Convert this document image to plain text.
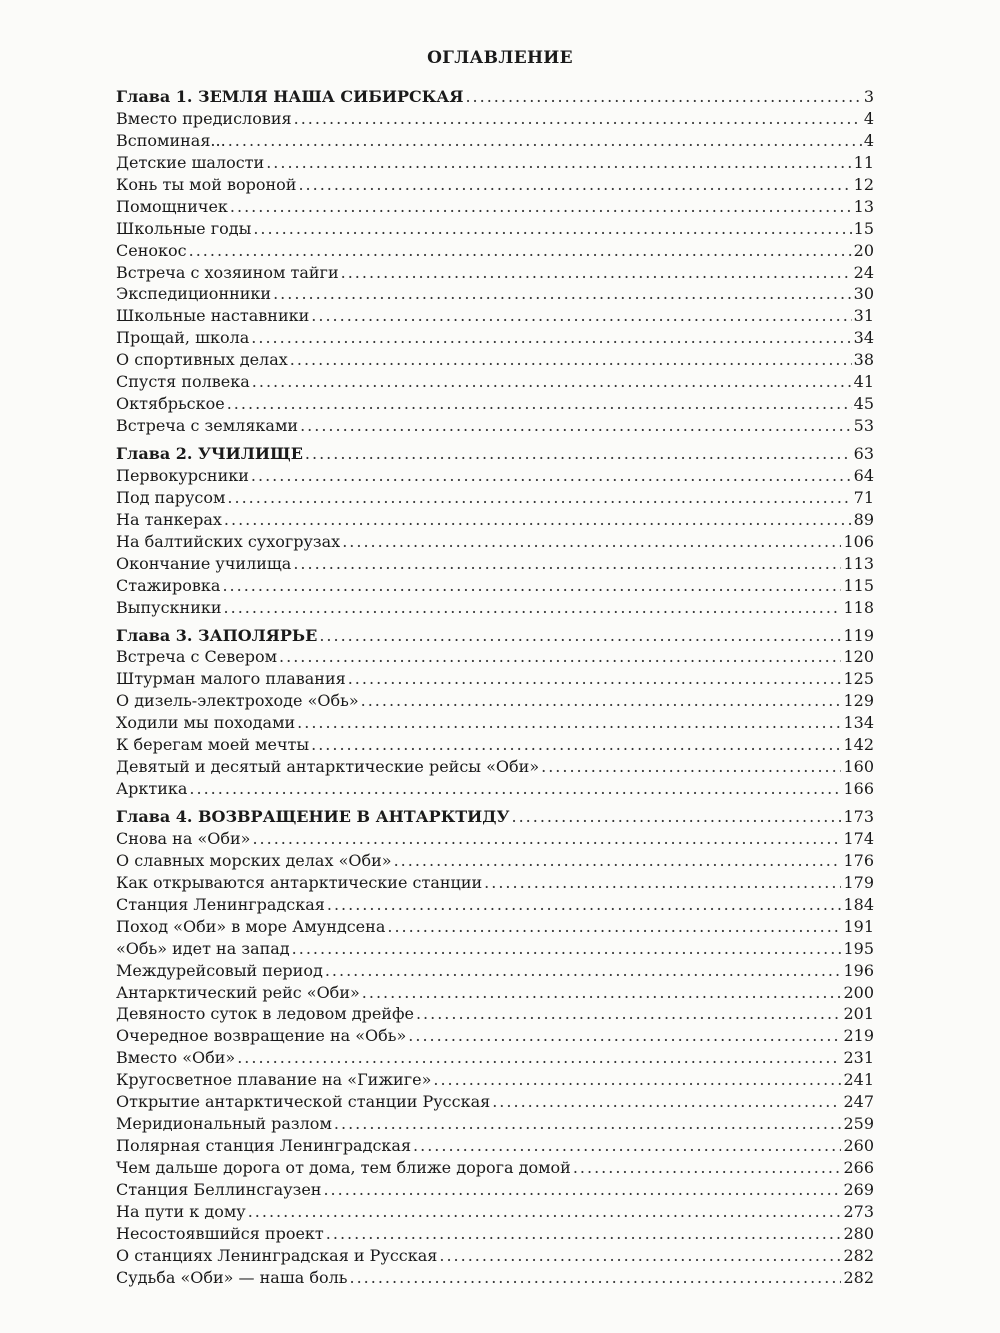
ОГЛАВЛЕНИЕ
Глава 1. ЗЕМЛЯ НАША СИБИРСКАЯ .....	3
Вместо предисловия .....	4
Вспоминая... .....	4
Детские шалости .....	11
Конь ты мой вороной .....	12
Помощничек .....	13
Школьные годы .....	15
Сенокос .....	20
Встреча с хозяином тайги .....	24
Экспедиционники .....	30
Школьные наставники .....	31
Прощай, школа .....	34
О спортивных делах .....	38
Спустя полвека .....	41
Октябрьское .....	45
Встреча с земляками .....	53
Глава 2. УЧИЛИЩЕ .....	63
Первокурсники .....	64
Под парусом .....	71
На танкерах .....	89
На балтийских сухогрузах .....	106
Окончание училища .....	113
Стажировка .....	115
Выпускники .....	118
Глава 3. ЗАПОЛЯРЬЕ .....	119
Встреча с Севером .....	120
Штурман малого плавания .....	125
О дизель-электроходе «Обь» .....	129
Ходили мы походами .....	134
К берегам моей мечты .....	142
Девятый и десятый антарктические рейсы «Оби» .....	160
Арктика .....	166
Глава 4. ВОЗВРАЩЕНИЕ В АНТАРКТИДУ .....	173
Снова на «Оби» .....	174
О славных морских делах «Оби» .....	176
Как открываются антарктические станции .....	179
Станция Ленинградская .....	184
Поход «Оби» в море Амундсена .....	191
«Обь» идет на запад .....	195
Междурейсовый период .....	196
Антарктический рейс «Оби» .....	200
Девяносто суток в ледовом дрейфе .....	201
Очередное возвращение на «Обь» .....	219
Вместо «Оби» .....	231
Кругосветное плавание на «Гижиге» .....	241
Открытие антарктической станции Русская .....	247
Меридиональный разлом .....	259
Полярная станция Ленинградская .....	260
Чем дальше дорога от дома, тем ближе дорога домой .....	266
Станция Беллинсгаузен .....	269
На пути к дому .....	273
Несостоявшийся проект .....	280
О станциях Ленинградская и Русская .....	282
Судьба «Оби» — наша боль .....	282
